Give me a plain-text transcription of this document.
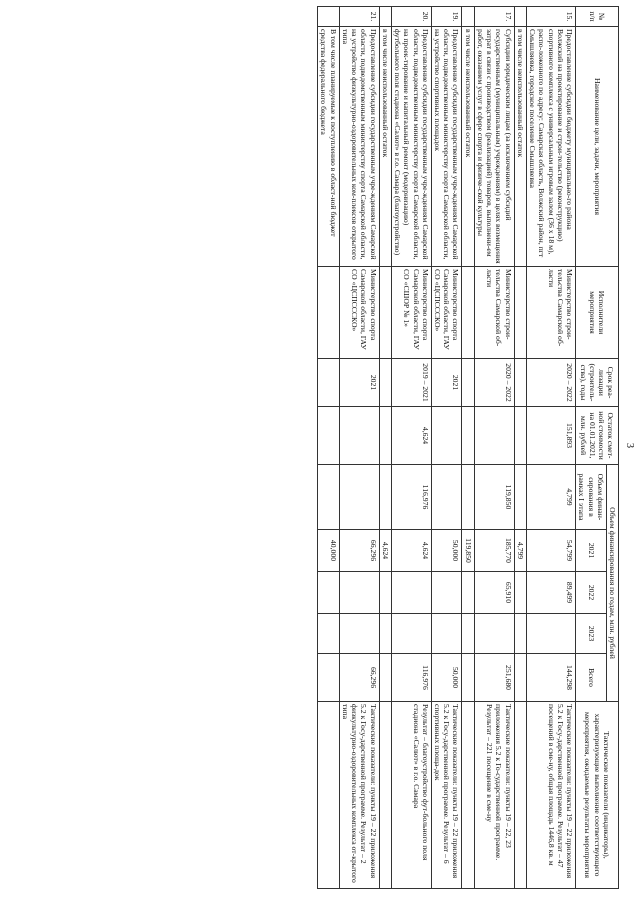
3
№ п/п	Наименование цели, задачи, мероприятия	Исполнители мероприятия	Срок реа-лизации (строитель-ства), годы	Остаток смет-ной стоимости на 01.01.2021, млн. рублей	Объем финансирования по годам, млн. рублей					Тактические показатели (индикаторы), характеризующие выполнение соответствующего мероприятия, ожидаемые результаты мероприятия
					Объем финан-сирования в рамках I этапа	2021	2022	2023	Всего	
15.	Предоставление субсидии бюджету муниципально-го района Волжский на проектирование и строи-тельство (реконструкцию) спортивного комплекса с универсальным игровым залом (36 х 18 м), распо-ложенного по адресу: Самарская область, Волжский район, пгт Смышляевка, городское поселение Смышляевка	Министерство строи-тельства Самарской об-ласти	2020 – 2022	151,893	4,799	54,799	89,499		144,298	Тактические показатели: пункты 19 – 22 приложения 5.2 к Госу-дарственной программе. Результат – 47 посещений в сме-ну, общая площадь 1446,8 кв. м
	в том числе неиспользованный остаток					4,799				
17.	Субсидии юридическим лицам (за исключением субсидий государственным (муниципальным) учреждениям) в целях возмещения затрат в связи с производством (реализацией) товаров, выполнени-ем работ, оказанием услуг в сфере спорта и физиче-ской культуры	Министерство строи-тельства Самарской об-ласти	2020 – 2022		119,850	185,770	65,910		251,680	Тактические показатели: пункты 19 – 22, 23 приложения 5.2 к Го-сударственной программе. Результат – 221 посещение в сме-ну
	в том числе неиспользованный остаток					119,850				
19.	Предоставление субсидии государственным учре-ждениям Самарской области, подведомственным министерству спорта Самарской области, на устройство спортивных площадок	Министерство спорта Самарской области, ГАУ СО «ЦСПСССКО»	2021			50,000			50,000	Тактические показатели: пункты 19 – 22 приложения 5.2 к Госу-дарственной программе. Результат – 6 спортивных площа-док
20.	Предоставление субсидии государственным учре-ждениям Самарской области, подведомственным министерству спорта Самарской области, на проек-тирование и капитальный ремонт (модернизацию) футбольного поля стадиона «Салют» в г.о. Самара (благоустройство)	Министерство спорта Самарской области, ГАУ СО «СШОР № 1»	2019 – 2021	4,624	116,976	4,624			116,976	Результат – благоустройство фут-больного поля стадиона «Салют» в г.о. Самара
	в том числе неиспользованный остаток					4,624				
21.	Предоставление субсидии государственным учре-ждениям Самарской области, подведомственным министерству спорта Самарской области, на устройство физкультурно-оздоровительных ком-плексов открытого типа	Министерство спорта Самарской области, ГАУ СО «ЦСПСССКО»	2021			66,296			66,296	Тактические показатели: пункты 19 – 22 приложения 5.2 к Госу-дарственной программе. Результат – 2 физкультурно-оздоровительных комплекса от-крытого типа
	В том числе планируемые к поступлению в област-ной бюджет средства федерального бюджета					40,000				
